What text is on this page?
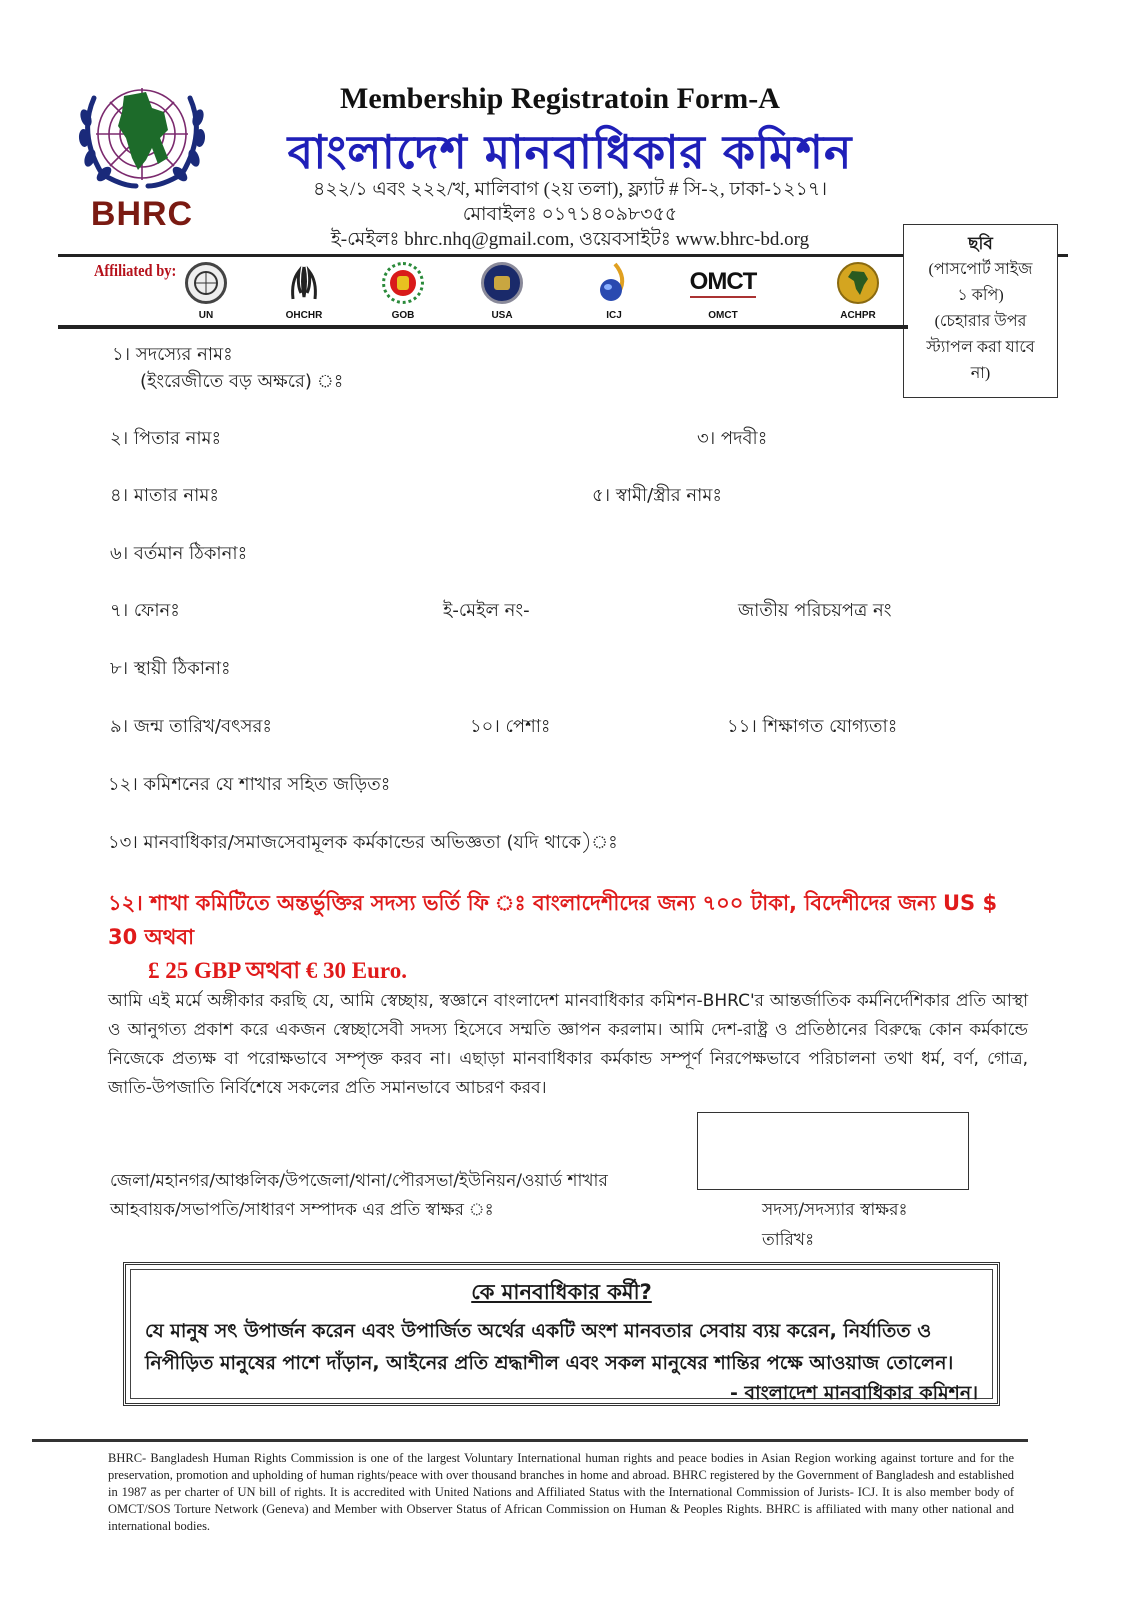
BHRC
Membership Registratoin Form-A
বাংলাদেশ মানবাধিকার কমিশন
৪২২/১ এবং ২২২/খ, মালিবাগ (২য় তলা), ফ্ল্যাট # সি-২, ঢাকা-১২১৭।
মোবাইলঃ ০১৭১৪০৯৮৩৫৫
ই-মেইলঃ bhrc.nhq@gmail.com, ওয়েবসাইটঃ www.bhrc-bd.org	ছবি
(পাসপোর্ট সাইজ
১ কপি)
(চেহারার উপর
স্ট্যাপল করা যাবে
না)
Affiliated by:
UN	OHCHR	GOB	USA	ICJ
OMCT
OMCT	ACHPR
১। সদস্যের নামঃ
(ইংরেজীতে বড় অক্ষরে) ঃ
২। পিতার নামঃ	৩। পদবীঃ
৪। মাতার নামঃ	৫। স্বামী/স্ত্রীর নামঃ
৬। বর্তমান ঠিকানাঃ
৭। ফোনঃ	ই-মেইল নং-	জাতীয় পরিচয়পত্র নং
৮। স্থায়ী ঠিকানাঃ
৯। জন্ম তারিখ/বৎসরঃ	১০। পেশাঃ	১১। শিক্ষাগত যোগ্যতাঃ
১২। কমিশনের যে শাখার সহিত জড়িতঃ
১৩। মানবাধিকার/সমাজসেবামূলক কর্মকান্ডের অভিজ্ঞতা (যদি থাকে)ঃ
১২। শাখা কমিটিতে অন্তর্ভুক্তির সদস্য ভর্তি ফি ঃ বাংলাদেশীদের জন্য ৭০০ টাকা, বিদেশীদের জন্য US $ 30 অথবা
£ 25 GBP অথবা € 30 Euro.
আমি এই মর্মে অঙ্গীকার করছি যে, আমি স্বেচ্ছায়, স্বজ্ঞানে বাংলাদেশ মানবাধিকার কমিশন-BHRC'র আন্তর্জাতিক কর্মনির্দেশিকার প্রতি আস্থা ও আনুগত্য প্রকাশ করে একজন স্বেচ্ছাসেবী সদস্য হিসেবে সম্মতি জ্ঞাপন করলাম। আমি দেশ-রাষ্ট্র ও প্রতিষ্ঠানের বিরুদ্ধে কোন কর্মকান্ডে নিজেকে প্রত্যক্ষ বা পরোক্ষভাবে সম্পৃক্ত করব না। এছাড়া মানবাধিকার কর্মকান্ড সম্পূর্ণ নিরপেক্ষভাবে পরিচালনা তথা ধর্ম, বর্ণ, গোত্র, জাতি-উপজাতি নির্বিশেষে সকলের প্রতি সমানভাবে আচরণ করব।
জেলা/মহানগর/আঞ্চলিক/উপজেলা/থানা/পৌরসভা/ইউনিয়ন/ওয়ার্ড শাখার
আহবায়ক/সভাপতি/সাধারণ সম্পাদক এর প্রতি স্বাক্ষর ঃ	সদস্য/সদস্যার স্বাক্ষরঃ
তারিখঃ
কে মানবাধিকার কর্মী?
যে মানুষ সৎ উপার্জন করেন এবং উপার্জিত অর্থের একটি অংশ মানবতার সেবায় ব্যয় করেন, নির্যাতিত ও নিপীড়িত মানুষের পাশে দাঁড়ান, আইনের প্রতি শ্রদ্ধাশীল এবং সকল মানুষের শান্তির পক্ষে আওয়াজ তোলেন।
- বাংলাদেশ মানবাধিকার কমিশন।
BHRC- Bangladesh Human Rights Commission is one of the largest Voluntary International human rights and peace bodies in Asian Region working against torture and for the preservation, promotion and upholding of human rights/peace with over thousand branches in home and abroad. BHRC registered by the Government of Bangladesh and established in 1987 as per charter of UN bill of rights. It is accredited with United Nations and Affiliated Status with the International Commission of Jurists- ICJ. It is also member body of OMCT/SOS Torture Network (Geneva) and Member with Observer Status of African Commission on Human & Peoples Rights. BHRC is affiliated with many other national and international bodies.
